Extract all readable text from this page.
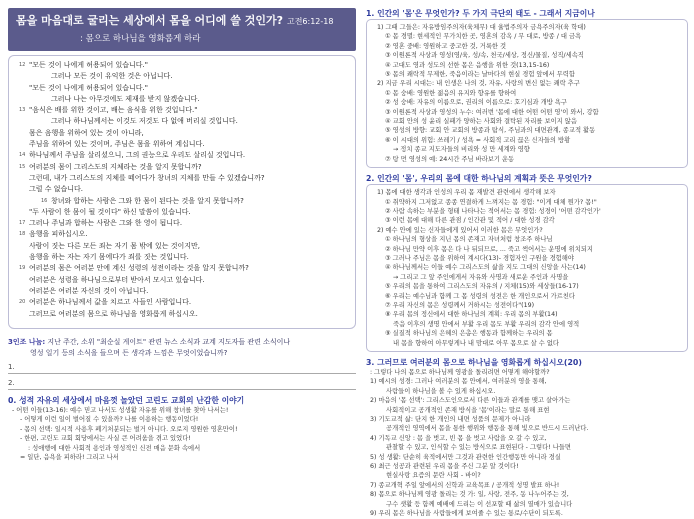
몸을 마음대로 굴리는 세상에서 몸을 어디에 쓸 것인가? 고전6:12-18
: 몸으로 하나님을 영화롭게 하라
12 "모든 것이 나에게 허용되어 있습니다."
그러나 모든 것이 유익한 것은 아닙니다.
"모든 것이 나에게 허용되어 있습니다."
그러나 나는 아무것에도 제재를 받지 않겠습니다.
13 "음식은 배를 위한 것이고, 배는 음식을 위한 것입니다."
그러나 하나님께서는 이것도 저것도 다 없애 버리실 것입니다.
몸은 음행을 위하여 있는 것이 아니라,
주님을 위하여 있는 것이며, 주님은 몸을 위하여 계십니다.
14 하나님께서 주님을 살리셨으니, 그의 권능으로 우리도 살리실 것입니다.
15 여러분의 몸이 그리스도의 지체라는 것을 알지 못합니까?
그런데, 내가 그리스도의 지체를 떼어다가 창녀의 지체를 만들 수 있겠습니까?
그럴 수 없습니다.
16 창녀와 합하는 사람은 그와 한 몸이 된다는 것을 알지 못합니까?
"두 사람이 한 몸이 될 것이다" 하신 말씀이 있습니다.
17 그러나 주님과 합하는 사람은 그와 한 영이 됩니다.
18 음행을 피하십시오.
사람이 짓는 다른 모든 죄는 자기 몸 밖에 있는 것이지만,
음행을 하는 자는 자기 몸에다가 죄를 짓는 것입니다.
19 여러분의 몸은 여러분 안에 계신 성령의 성전이라는 것을 알지 못합니까?
여러분은 성령을 하나님으로부터 받아서 모시고 있습니다.
여러분은 여러분 자신의 것이 아닙니다.
20 여러분은 하나님께서 값을 치르고 사들인 사람입니다.
그러므로 여러분의 몸으로 하나님을 영화롭게 하십시오.
3인조 나눔: 지난 주간, 소위 "최순실 게이트" 관련 뉴스 소식과 교계 지도자들 관련 소식이나
영성 일기 등의 소식을 들으며 든 생각과 느낌은 무엇이었습니까?
1.
2.
0. 성적 자유의 세상에서 마음껏 놀았던 고린도 교회의 난감한 이야기
- 어떤 이들(13-16): 예수 믿고 나서도 성생활 자유를 위해 창녀를 찾아 나서는!
- 어떻게 이런 일이 벌어질 수 있을까? 나를 이용하는 행동이었다!
- 몸의 선택: 일시적 사용후 폐기처분되는 벌거 아니다. 오로지 영원한 영혼만이!
- 한편, 고린도 교회 회당에서는 사실 큰 어려움을 겪고 있었다!
: 성애행에 대한 사회적 용인과 영성적인 신전 매음 문화 속에서
= 일단, 음욕을 피하라! 그리고 나서
1. 인간의 '몸'은 무엇인가? 두 가지 극단의 태도 - 그래서 지금이나
1) 그때 그들은: 자유방임주의자(육체무) 대 율법주의자 금욕주의자(육 학대)
① 몸 경멸: 현세적인 무가치한 곳, 영혼의 감옥 / 무 대로, 방종 / 대 금욕
② 영혼 중배: 영원하고 중고한 것, 거룩한 것
③ 이원론적 사상과 영성(영/육, 성/속, 천국/세상, 정신/물질, 성직/세속직
④ 고대도 영과 성도의 선한 몸은 음행을 위한 것(13,15-16)
⑤ 몸의 쾌락적 무제한, 죽음이라는 날마다의 현실 경험 앞에서 무력함
2) 지금 우리 시대는: 내 인생은 나의 것, 자유, 사랑의 변신 없는 쾌락 추구
① 몸 숭배: 영원한 젊음의 유지와 향유를 향하여
② 성 숭배: 자유의 이름으로, 권리의 이름으로: 호기심과 개방 욕구
③ 이원론적 사상과 영성의 누수: 여러번 '몸에 대한 어떤 어떤 영'이 와서, 강함
④ 교회 안의 성 윤리 실패가 양하는 사회와 결탁된 자리를 보이지 않음
⑤ 영성의 방향: 교회 안 교회의 방종과 탐식, 주님과의 대면관계, 종교적 활동
⑥ 이 시대의 위험: 쓰레기 / 성욕 = 사회적 고리 끊은 신자들의 방황
→ 정치 종교 지도자들의 비리와 성 만 세계와 영향
⑦ 탕 먼 영성의 예: 24시간 주님 바라보기 운동
2. 인간의 '몸', 우리의 몸에 대한 하나님의 계획과 뜻은 무엇인가?
1) 몸에 대한 생각과 인성의 우리 몸 재발견 관련에서 생각해 보자
① 취약하지 그저없고 종종 연결하게 느껴지는 몸 경험: "이게 대체 뭔가? 몸!"
② 사람 속하는 부분을 형태 나타나는 적어서는 몸 경험: 성경이 '어떤 감각인가'
③ 이런 몸에 대해 다른 관점 / 인간관 및 적어 / 대한 성경 감각
2) 예수 안에 있는 신자들에게 있어서 이러한 몸은 무엇인가?
① 하나님의 형상을 지닌 몸의 존재고 자녀처럼 창조주 하나님
② 하나님 만약 이후 몸은 다 나 뒤되므로, ... 죽고 썩어서는 운명에 위치되지
③ 그러나 주님은 몸을 위하여 계시다(13)- 경험자인 구원을 경험해야
④ 하나님께서는 이들 예수 그리스도의 삶을 지도 그대의 신앙을 사는(14)
→ 그리고 그 앞 주인에게서 자유와 사명과 새로운 주인과 사명을
⑤ 우리의 몸을 통하여 그리스도의 자유의 / 지체(15)와 세상들(16-17)
⑥ 우리는 예수님과 함께 그 몸 성령의 성전은 한 개인으로서 가르친다
⑦ 우리 자신의 몸은 성령께서 거하시는 성전이다"(19)
⑧ 우리 몸의 정신에서 대한 하나님의 계획: 우리 몸의 부활(14)
죽음 이후의 생명 안에서 부활 우리 몸도 부활 우리의 감각 안에 영적
⑨ 실질적 하나님의 은혜의 은총은 행동과 함께하는 우리의 몸
내 몸을 향하여 아무렇게나 내 맘대로 아무 몸으로 살 수 없다
3. 그러므로 여러분의 몸으로 하나님을 영화롭게 하십시오(20)
: 그렇다 나의 몸으로 하나님께 영광을 돌리려면 어떻게 해야할까?
1) 예시의 성경: 그러나 여러분의 몸 안에서, 여러분의 영을 통해,
사람들이 하나님을 볼 수 있게 하십시오.
2) 마음의 '몸 선택': 그리스도인으로서 다른 이들과 관계를 맺고 살아가는
사회적이고 공개적인 존재 방식을 '몸'이라는 말로 통해 표현
3) 기도교적 삶: 단지 한 개인의 내면 성품의 문제가 아니라
공개적인 영역에서 몸을 통한 행위와 행동을 통해 빛으로 반드시 드러난다.
4) 기독교 신앙 : 몸 을 벗고, 빈 몸 을 벗고 사람을 오 갈 수 있고,
관찰할 수 있고, 인식할 수 있는 방식으로 표현된다 - 그렇다! 나들면
5) 성 생활: 단순히 육적에서만 그것과 관련한 인간행동만 아니라 경실
6) 최근 성공과 관련된 우리 몸을 주신 그분 알 것이다!
현실사랑 요즘의 문란 사회 - 바이?
7) 종교개혁 주일 앞에서의 신학과 교육목표 / 공개적 성명 발표 하나!
8) 몸으로 하나님께 영광 돌리는 것 가: 일, 사랑, 전주, 동 나누어주는 것,
구수 샛활 등 함께 예배에 드리는 이 선포할 때 삶의 열매가 있습니다
9) 우리 몸은 하나님을 사람들에게 보여줄 수 있는 통로/수단이 되도록.
